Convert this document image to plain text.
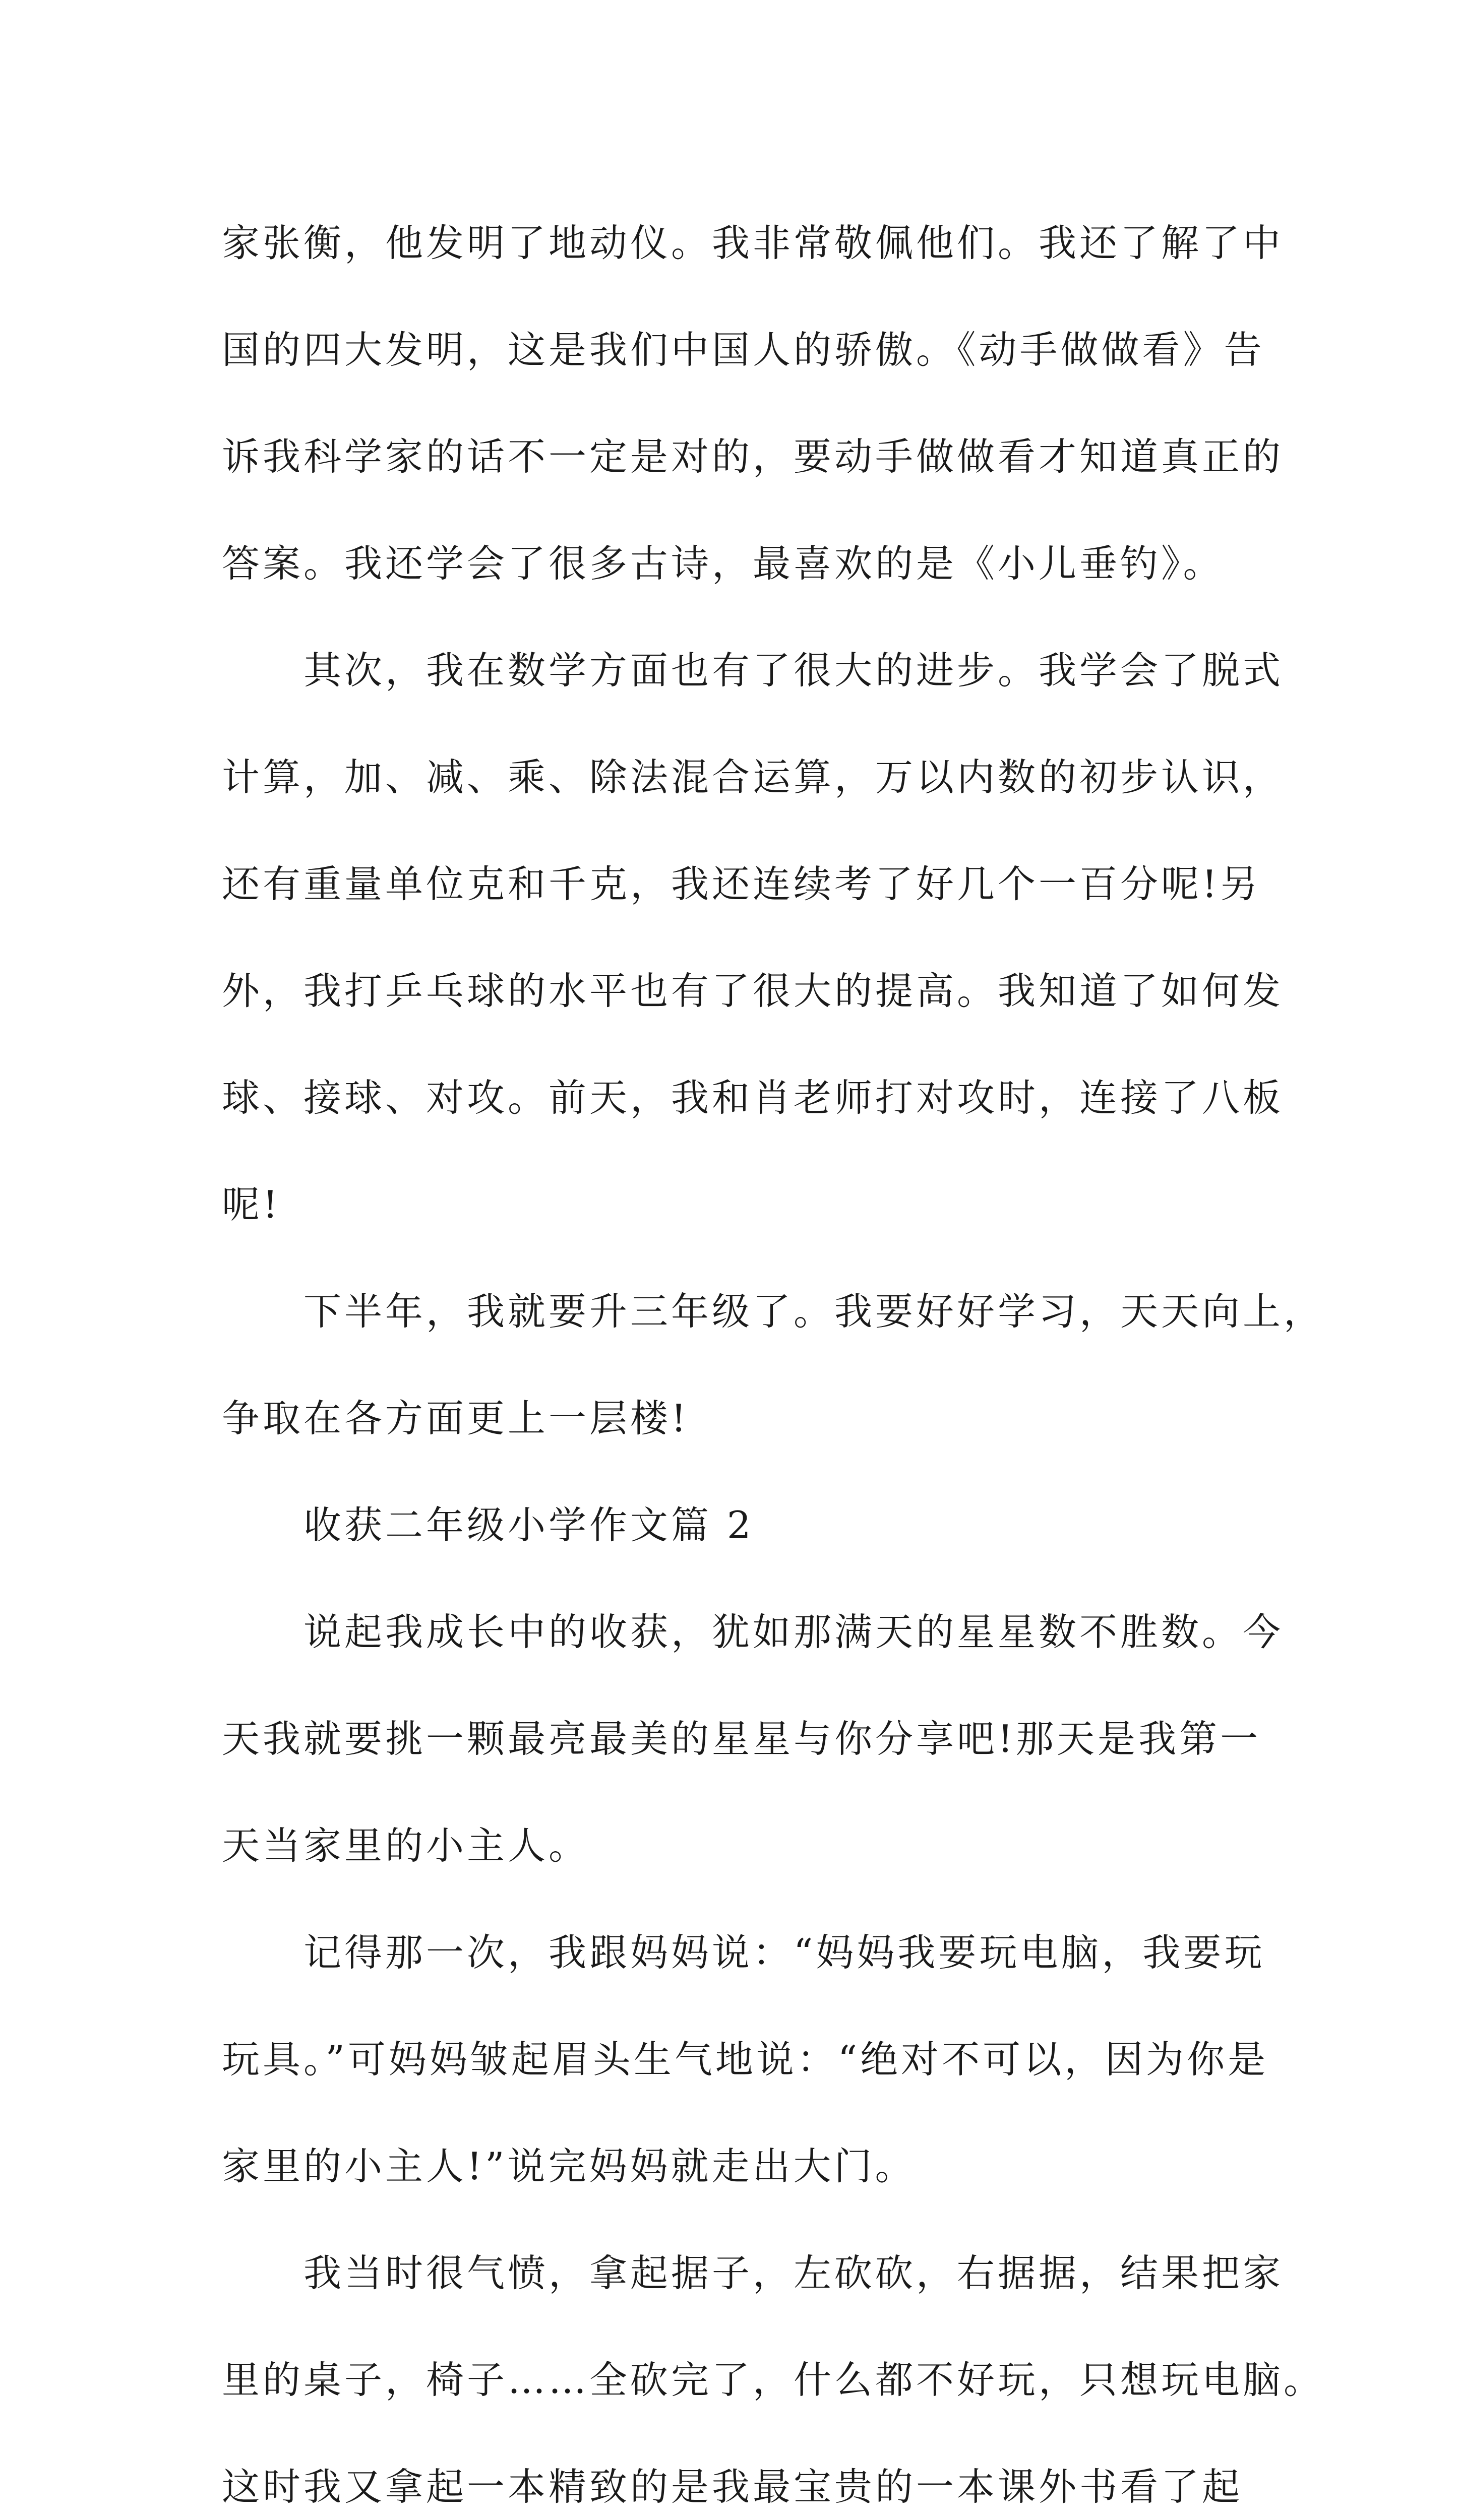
家张衡，他发明了地动仪。我非常敬佩他们。我还了解了中
国的四大发明，这是我们中国人的骄傲。《动手做做看》告
诉我科学家的话不一定是对的，要动手做做看才知道真正的
答案。我还学会了很多古诗，最喜欢的是《小儿垂钓》。
其次，我在数学方面也有了很大的进步。我学会了脱式
计算，加、减、乘、除法混合运算，万以内数的初步认识，
还有重量单位克和千克，我还连续考了好几个一百分呢!另
外，我打乒乓球的水平也有了很大的提高。我知道了如何发
球、接球、对攻。前天，我和肖老师打对攻时，连接了八板
呢!
下半年，我就要升三年级了。我要好好学习，天天向上，
争取在各方面更上一层楼!
收获二年级小学作文篇 2
说起我成长中的收获，犹如那满天的星星数不胜数。今
天我就要挑一颗最亮最美的星星与你分享吧!那天是我第一
天当家里的小主人。
记得那一次，我跟妈妈说：“妈妈我要玩电脑，我要玩
玩具。”可妈妈皱起眉头生气地说：“绝对不可以，因为你是
家里的小主人!”说完妈妈就走出大门。
我当时很气愤，拿起据子，左砍砍，右据据，结果把家
里的桌子，椅子……全砍完了，什么都不好玩，只想玩电脑。
这时我又拿起一本精致的是我最宝贵的一本课外书看了起
